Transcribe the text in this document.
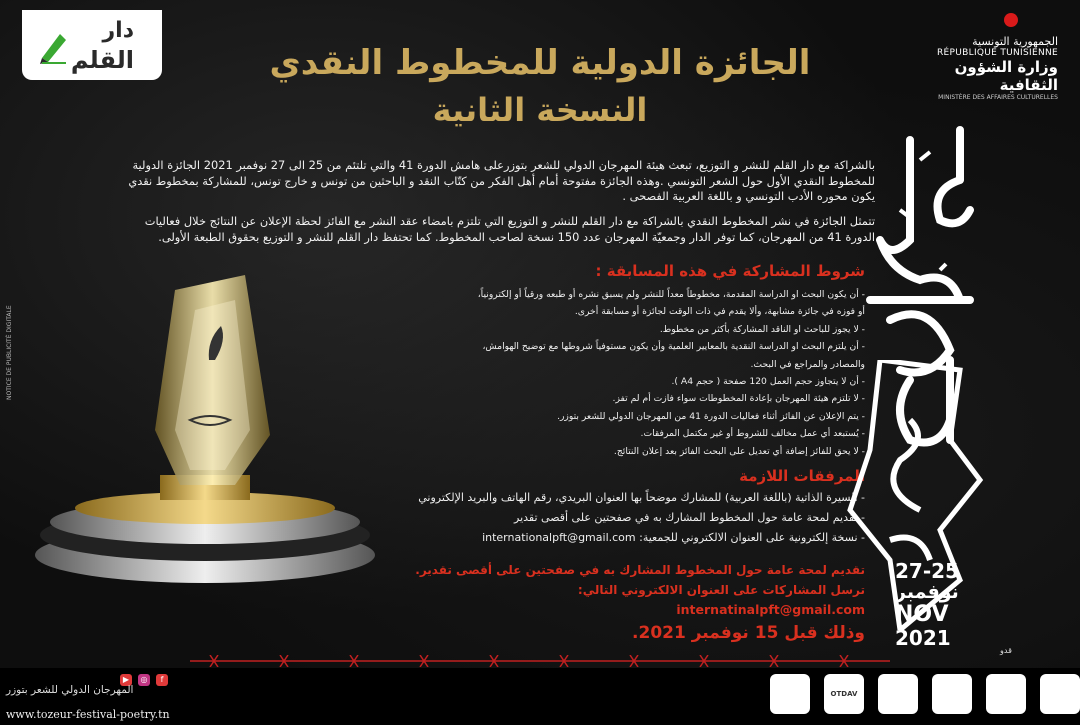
دار
القلم
الجمهورية التونسية
RÉPUBLIQUE TUNISIENNE
وزارة الشؤون الثقافية
MINISTÈRE DES AFFAIRES CULTURELLES
الجائزة الدولية للمخطوط النقدي
النسخة الثانية
بالشراكة مع دار القلم للنشر و التوزيع، تبعث هيئة المهرجان الدولي للشعر بتوزرعلى هامش الدورة 41 والتي تلتئم من 25 الى 27 نوفمبر 2021 الجائزة الدولية للمخطوط النقدي الأول حول الشعر التونسي .وهذه الجائزة مفتوحة أمام أهل الفكر من كتّاب النقد و الباحثين من تونس و خارج تونس، للمشاركة بمخطوط نقدي يكون محوره الأدب التونسي و باللغة العربية الفصحى .
تتمثل الجائزة في نشر المخطوط النقدي بالشراكة مع دار القلم للنشر و التوزيع التي تلتزم بامضاء عقد النشر مع الفائز لحظة الإعلان عن النتائج خلال فعاليات الدورة 41 من المهرجان، كما توفر الدار وجمعيّة المهرجان عدد 150 نسخة لصاحب المخطوط. كما تحتفظ دار القلم للنشر و التوزيع بحقوق الطبعة الأولى.
NOTICE DE PUBLICITÉ DIGITALE
شروط المشاركة في هذه المسابقة :
- أن يكون البحث او الدراسة المقدمة، مخطوطاً معداً للنشر ولم يسبق نشره أو طبعه ورقياً أو إلكترونياً،
أو فوزه في جائزة مشابهة، وألا يقدم في ذات الوقت لجائزة أو مسابقة أخرى.
- لا يجوز للباحث او الناقد المشاركة بأكثر من مخطوط.
- أن يلتزم البحث او الدراسة النقدية بالمعايير العلمية وأن يكون مستوفياً شروطها مع توضيح الهوامش،
والمصادر والمراجع في البحث.
- أن لا يتجاوز حجم العمل 120 صفحة ( حجم A4 ).
- لا تلتزم هيئة المهرجان بإعادة المخطوطات سواء فازت أم لم تفز.
- يتم الإعلان عن الفائز أثناء فعاليات الدورة 41 من المهرجان الدولي للشعر بتوزر.
- يُستبعد أي عمل مخالف للشروط أو غير مكتمل المرفقات.
- لا يحق للفائز إضافة أي تعديل على البحث الفائز بعد إعلان النتائج.
المرفقات اللازمة
- السيرة الذاتية (باللغة العربية) للمشارك موضحاً بها العنوان البريدي، رقم الهاتف والبريد الإلكتروني
- تقديم لمحة عامة حول المخطوط المشارك به في صفحتين على أقصى تقدير
- نسخة إلكترونية على العنوان الالكتروني للجمعية: internationalpft@gmail.com
تقديم لمحة عامة حول المخطوط المشارك به في صفحتين على أقصى تقدير.
ترسل المشاركات على العنوان الالكتروني التالي:
internatinalpft@gmail.com
وذلك قبل 15 نوفمبر 2021.
27-25
نوفمبر
NOV
2021
قدو
▶	◎	f
المهرجان الدولي للشعر بتوزر
www.tozeur-festival-poetry.tn
OTDAV
